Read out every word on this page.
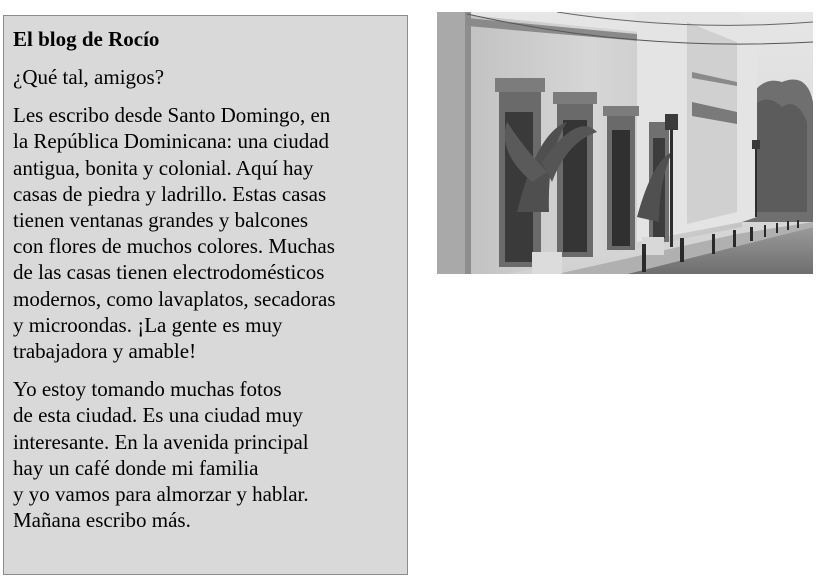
El blog de Rocío

¿Qué tal, amigos?

Les escribo desde Santo Domingo, en
la República Dominicana: una ciudad
antigua, bonita y colonial. Aquí hay
casas de piedra y ladrillo. Estas casas
tienen ventanas grandes y balcones
con flores de muchos colores. Muchas
de las casas tienen electrodomésticos
modernos, como lavaplatos, secadoras
y microondas. ¡La gente es muy
trabajadora y amable!

Yo estoy tomando muchas fotos
de esta ciudad. Es una ciudad muy
interesante. En la avenida principal
hay un café donde mi familia
y yo vamos para almorzar y hablar.
Mañana escribo más.
